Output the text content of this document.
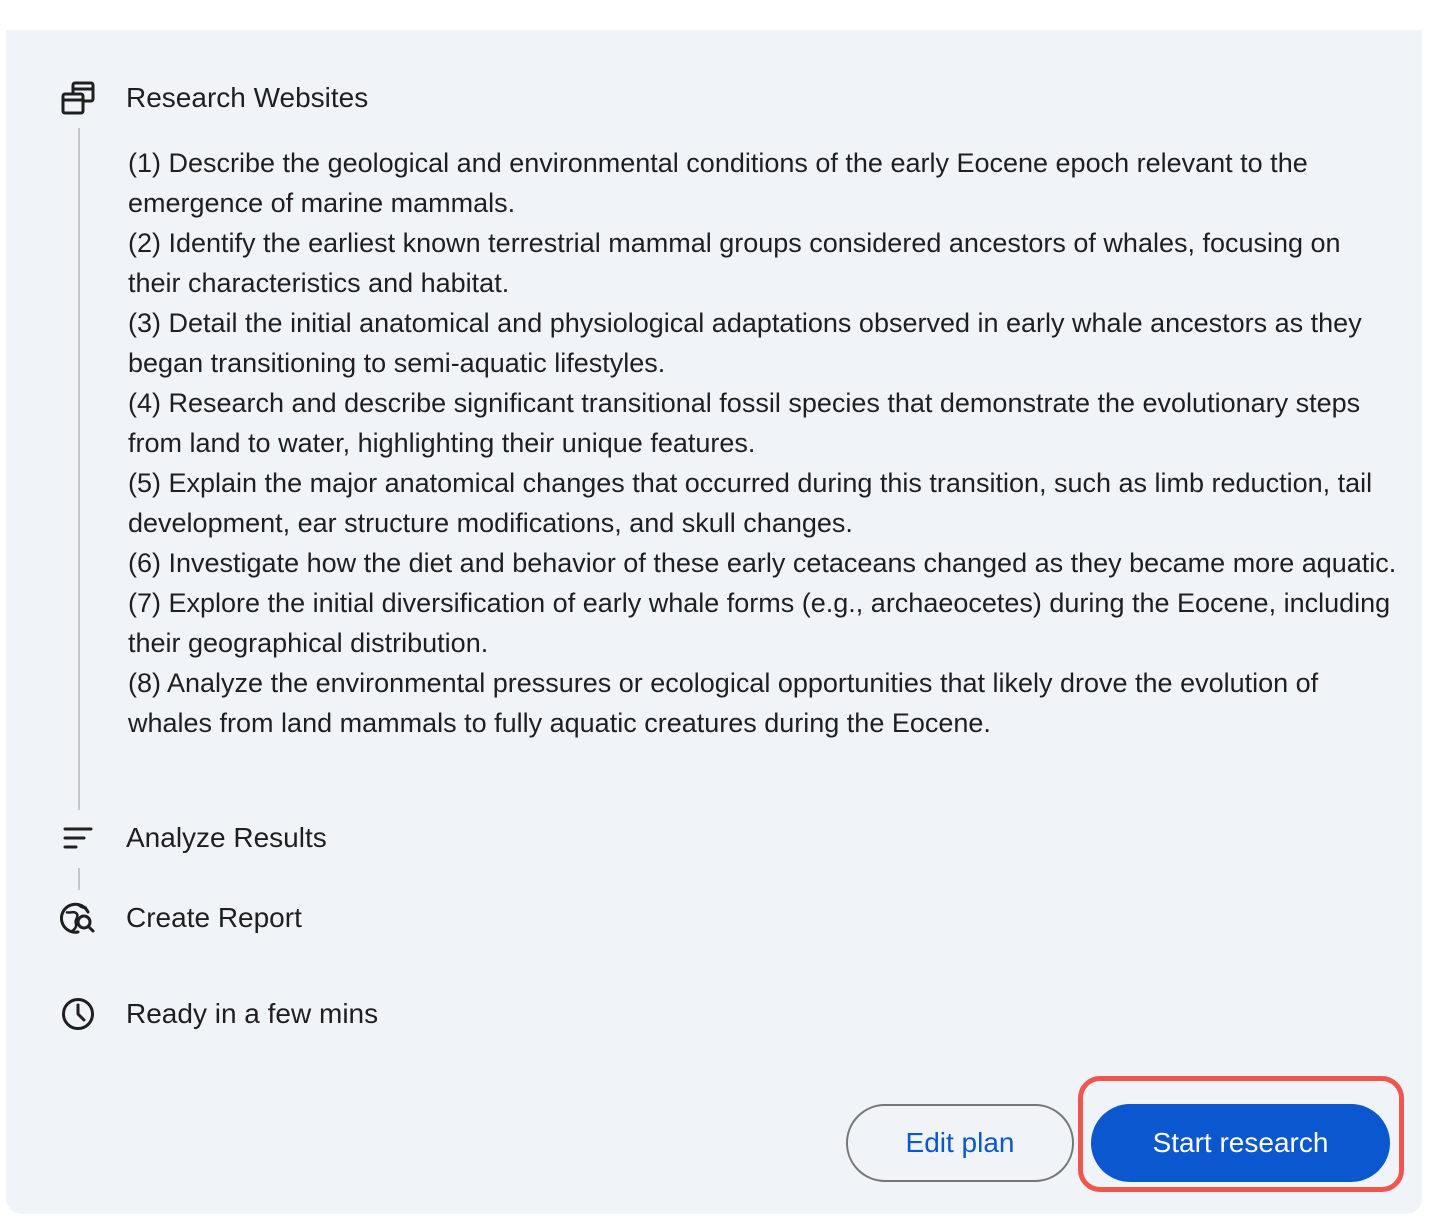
Research Websites
(1) Describe the geological and environmental conditions of the early Eocene epoch relevant to the emergence of marine mammals.
(2) Identify the earliest known terrestrial mammal groups considered ancestors of whales, focusing on their characteristics and habitat.
(3) Detail the initial anatomical and physiological adaptations observed in early whale ancestors as they began transitioning to semi-aquatic lifestyles.
(4) Research and describe significant transitional fossil species that demonstrate the evolutionary steps from land to water, highlighting their unique features.
(5) Explain the major anatomical changes that occurred during this transition, such as limb reduction, tail development, ear structure modifications, and skull changes.
(6) Investigate how the diet and behavior of these early cetaceans changed as they became more aquatic.
(7) Explore the initial diversification of early whale forms (e.g., archaeocetes) during the Eocene, including their geographical distribution.
(8) Analyze the environmental pressures or ecological opportunities that likely drove the evolution of whales from land mammals to fully aquatic creatures during the Eocene.
Analyze Results
Create Report
Ready in a few mins
Edit plan	Start research
